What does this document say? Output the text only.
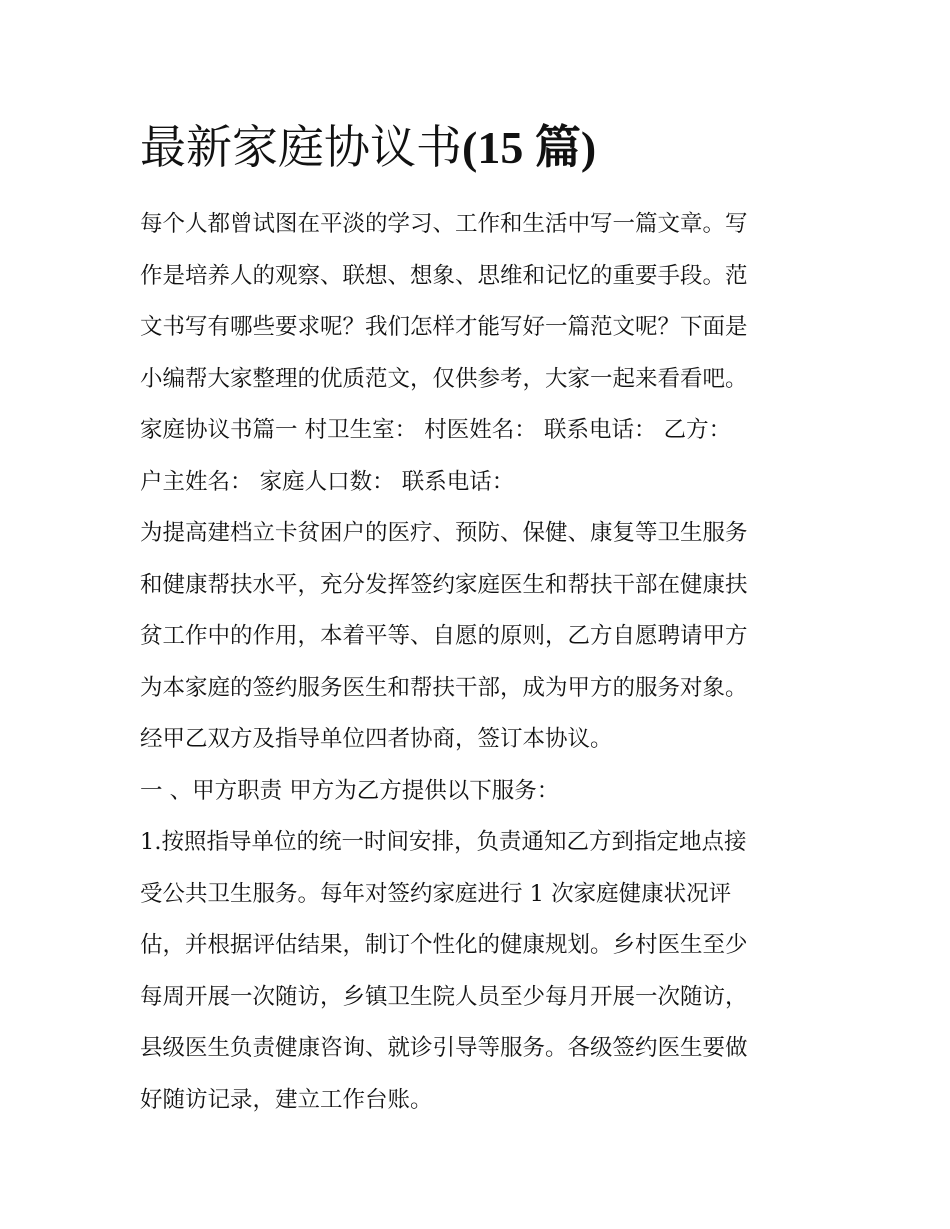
最新家庭协议书(15 篇)

每个人都曾试图在平淡的学习、工作和生活中写一篇文章。写

作是培养人的观察、联想、想象、思维和记忆的重要手段。范

文书写有哪些要求呢？我们怎样才能写好一篇范文呢？下面是

小编帮大家整理的优质范文，仅供参考，大家一起来看看吧。

家庭协议书篇一 村卫生室： 村医姓名： 联系电话： 乙方：

户主姓名： 家庭人口数： 联系电话：

为提高建档立卡贫困户的医疗、预防、保健、康复等卫生服务

和健康帮扶水平，充分发挥签约家庭医生和帮扶干部在健康扶

贫工作中的作用，本着平等、自愿的原则，乙方自愿聘请甲方

为本家庭的签约服务医生和帮扶干部，成为甲方的服务对象。

经甲乙双方及指导单位四者协商，签订本协议。

一 、甲方职责 甲方为乙方提供以下服务：

1.按照指导单位的统一时间安排，负责通知乙方到指定地点接

受公共卫生服务。每年对签约家庭进行 1 次家庭健康状况评

估，并根据评估结果，制订个性化的健康规划。乡村医生至少

每周开展一次随访，乡镇卫生院人员至少每月开展一次随访，

县级医生负责健康咨询、就诊引导等服务。各级签约医生要做

好随访记录，建立工作台账。
